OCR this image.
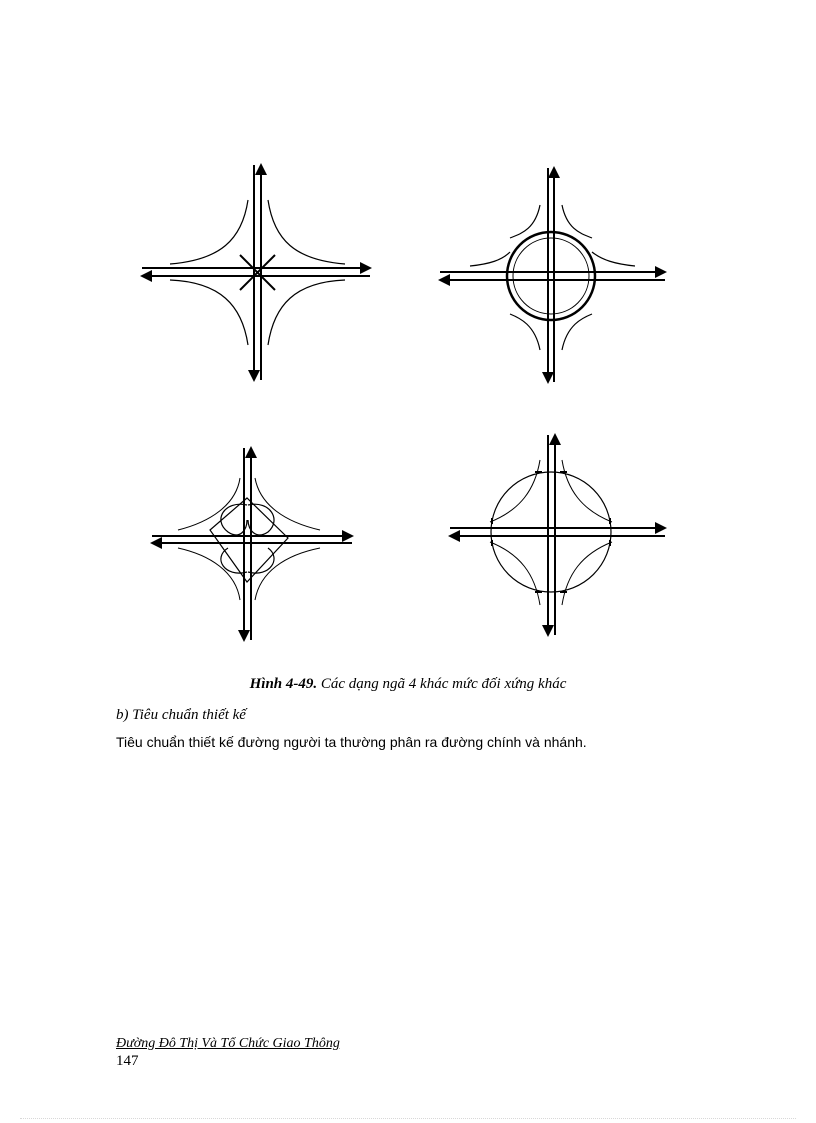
Hình 4-49. Các dạng ngã 4 khác mức đối xứng khác
b) Tiêu chuẩn thiết kế
Tiêu chuẩn thiết kế đường người ta thường phân ra đường chính và nhánh.
Đường Đô Thị Và Tổ Chức Giao Thông
147
